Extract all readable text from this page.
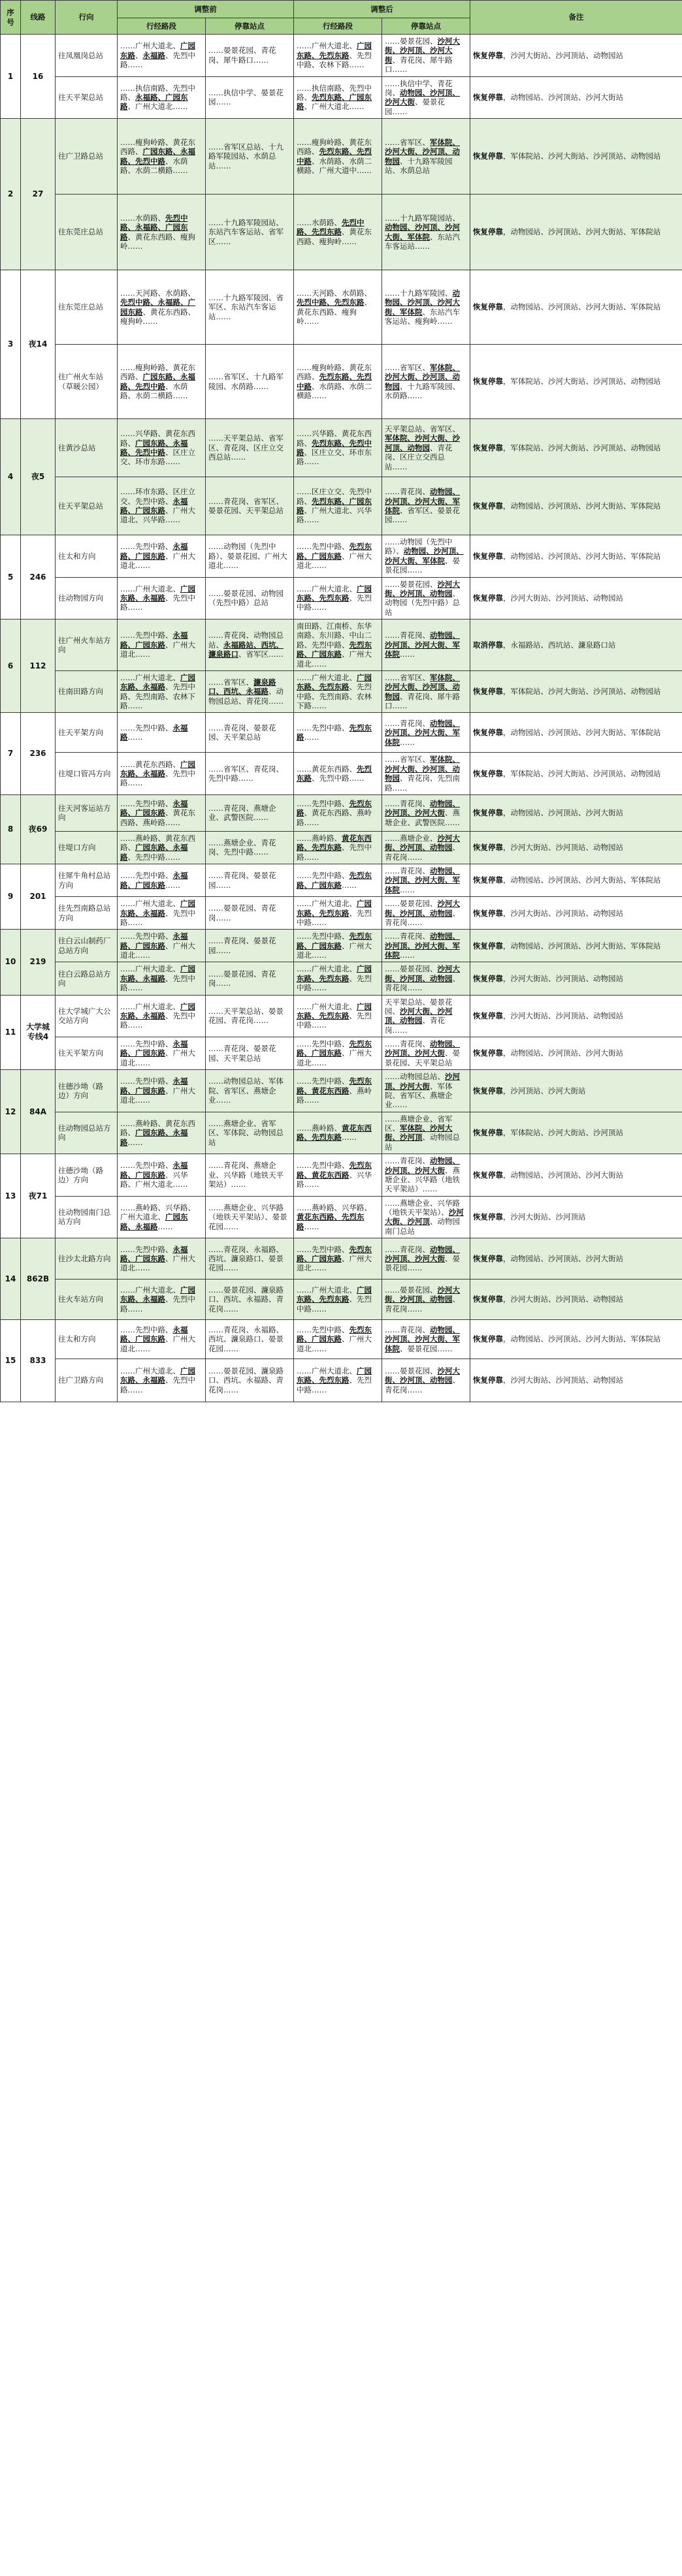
序号	线路	行向	调整前		调整后		备注
			行经路段	停靠站点	行经路段	停靠站点	
1	16	往凤凰岗总站	……广州大道北、广园东路、永福路、先烈中路……	……晏景花园、青花岗、犀牛路口……	……广州大道北、广园东路、先烈东路、先烈中路、农林下路……	……晏景花园、沙河大街、沙河顶、沙河大街、青花岗、犀牛路口……	恢复停靠，沙河大街站、沙河顶站、动物园站
		往天平架总站	……执信南路、先烈中路、永福路、广园东路、广州大道北……	……执信中学、晏景花园……	……执信南路、先烈中路、先烈东路、广园东路、广州大道北……	……执信中学、青花岗、动物园、沙河顶、沙河大街、晏景花园……	恢复停靠，动物园站、沙河顶站、沙河大街站
2	27	往广卫路总站	……瘦狗岭路、黄花东西路、广园东路、永福路、先烈中路、水荫路、水荫二横路……	……省军区总站、十九路军陵园站、水荫总站……	……瘦狗岭路、黄花东西路、先烈东路、先烈中路、水荫路、水荫二横路、广州大道中……	……省军区、军体院、沙河大街、沙河顶、动物园、十九路军陵园站、水荫总站	恢复停靠，军体院站、沙河大街站、沙河顶站、动物园站
		往东莞庄总站	……水荫路、先烈中路、永福路、广园东路、黄花东西路、瘦狗岭……	……十九路军陵园站、东站汽车客运站、省军区……	……水荫路、先烈中路、先烈东路、黄花东西路、瘦狗岭……	……十九路军陵园站、动物园、沙河顶、沙河大街、军体院、东站汽车客运站……	恢复停靠，动物园站、沙河顶站、沙河大街站、军体院站
3	夜14	往东莞庄总站	……天河路、水荫路、先烈中路、永福路、广园东路、黄花东西路、瘦狗岭……	……十九路军陵园、省军区、东站汽车客运站……	……天河路、水荫路、先烈中路、先烈东路、黄花东西路、瘦狗岭……	……十九路军陵园、动物园、沙河顶、沙河大街、军体院、东站汽车客运站、瘦狗岭……	恢复停靠，动物园站、沙河顶站、沙河大街站、军体院站
		往广州火车站（草暖公园）	……瘦狗岭路、黄花东西路、广园东路、永福路、先烈中路、水荫路、水荫二横路……	……省军区、十九路军陵园、水荫路……	……瘦狗岭路、黄花东西路、先烈东路、先烈中路、水荫路、水荫二横路……	……省军区、军体院、沙河大街、沙河顶、动物园、十九路军陵园、水荫路……	恢复停靠，军体院站、沙河大街站、沙河顶站、动物园站
4	夜5	往黄沙总站	……兴华路、黄花东西路、广园东路、永福路、先烈中路、区庄立交、环市东路……	……天平架总站、省军区、青花岗、区庄立交西总站……	……兴华路、黄花东西路、先烈东路、先烈中路、区庄立交、环市东路……	天平架总站、省军区、军体院、沙河大街、沙河顶、动物园、青花岗、区庄立交西总站……	恢复停靠，军体院站、沙河大街站、沙河顶站、动物园站
		往天平架总站	……环市东路、区庄立交、先烈中路、永福路、广园东路、广州大道北、兴华路……	……青花岗、省军区、晏景花园、天平架总站	……区庄立交、先烈中路、先烈东路、广园东路、广州大道北、兴华路……	……青花岗、动物园、沙河顶、沙河大街、军体院、省军区、晏景花园……	恢复停靠，动物园站、沙河顶站、沙河大街站、军体院站
5	246	往太和方向	……先烈中路、永福路、广园东路、广州大道北……	……动物园（先烈中路）、晏景花园、广州大道北……	……先烈中路、先烈东路、广园东路、广州大道北……	……动物园（先烈中路）、动物园、沙河顶、沙河大街、军体院、晏景花园……	恢复停靠，动物园站、沙河顶站、沙河大街站、军体院站
		往动物园方向	……广州大道北、广园东路、永福路、先烈中路……	……晏景花园、动物园（先烈中路）总站	……广州大道北、广园东路、先烈东路、先烈中路……	……晏景花园、沙河大街、沙河顶、动物园、动物园（先烈中路）总站	恢复停靠，沙河大街站、沙河顶站、动物园站
6	112	往广州火车站方向	……先烈中路、永福路、广园东路、广州大道北……	……青花岗、动物园总站、永福路站、西坑、濂泉路口、省军区……	南田路、江南桥、东华南路、东川路、中山二路、先烈中路、先烈东路、广园东路、广州大道北……	……青花岗、动物园、沙河顶、沙河大街、军体院……	取消停靠，永福路站、西坑站、濂泉路口站
		往南田路方向	……广州大道北、广园东路、永福路、先烈中路、先烈南路、农林下路……	……省军区、濂泉路口、西坑、永福路、动物园总站、青花岗……	……广州大道北、广园东路、先烈东路、先烈中路、先烈南路、农林下路……	……省军区、军体院、沙河大街、沙河顶、动物园、青花岗、犀牛路口……	恢复停靠，军体院站、沙河大街站、沙河顶站、动物园站
7	236	往天平架方向	……先烈中路、永福路……	……青花岗、晏景花园、天平架总站	……先烈中路、先烈东路……	……青花岗、动物园、沙河顶、沙河大街、军体院……	恢复停靠，动物园站、沙河顶站、沙河大街站、军体院站
		往堤口管冯方向	……黄花东西路、广园东路、永福路、先烈中路……	……省军区、青花岗、先烈中路……	……黄花东西路、先烈东路、先烈中路……	……省军区、军体院、沙河大街、沙河顶、动物园、青花岗、先烈南路……	恢复停靠，军体院站、沙河大街站、沙河顶站、动物园站
8	夜69	往天河客运站方向	……先烈中路、永福路、广园东路、黄花东西路、燕岭路……	……青花岗、燕塘企业、武警医院……	……先烈中路、先烈东路、黄花东西路、燕岭路……	……青花岗、动物园、沙河顶、沙河大街、燕塘企业、武警医院……	恢复停靠，动物园站、沙河顶站、沙河大街站
		往堤口方向	……燕岭路、黄花东西路、广园东路、永福路、先烈中路……	……燕塘企业、青花岗、先烈中路……	……燕岭路、黄花东西路、先烈东路、先烈中路……	……燕塘企业、沙河大街、沙河顶、动物园、青花岗……	恢复停靠，沙河大街站、沙河顶站、动物园站
9	201	往犀牛角村总站方向	……先烈中路、永福路、广园东路……	……青花岗、晏景花园……	……先烈中路、先烈东路、广园东路……	……青花岗、动物园、沙河顶、沙河大街、军体院……	恢复停靠，动物园站、沙河顶站、沙河大街站、军体院站
		往先烈南路总站方向	……广州大道北、广园东路、永福路、先烈中路……	……晏景花园、青花岗……	……广州大道北、广园东路、先烈东路、先烈中路……	……晏景花园、沙河大街、沙河顶、动物园、青花岗……	恢复停靠，沙河大街站、沙河顶站、动物园站
10	219	往白云山制药厂总站方向	……先烈中路、永福路、广园东路、广州大道北……	……青花岗、晏景花园……	……先烈中路、先烈东路、广园东路、广州大道北……	……青花岗、动物园、沙河顶、沙河大街、军体院……	恢复停靠，动物园站、沙河顶站、沙河大街站、军体院站
		往白云路总站方向	……广州大道北、广园东路、永福路、先烈中路……	……晏景花园、青花岗……	……广州大道北、广园东路、先烈东路、先烈中路……	……晏景花园、沙河大街、沙河顶、动物园、青花岗……	恢复停靠，沙河大街站、沙河顶站、动物园站
11	大学城专线4	往大学城广大公交站方向	……广州大道北、广园东路、永福路、先烈中路……	……天平架总站、晏景花园、青花岗……	……广州大道北、广园东路、先烈东路、先烈中路……	天平架总站、晏景花园、沙河大街、沙河顶、动物园、青花岗……	恢复停靠，沙河大街站、沙河顶站、动物园站
		往天平架方向	……先烈中路、永福路、广园东路、广州大道北……	……青花岗、晏景花园、天平架总站	……先烈中路、先烈东路、广园东路、广州大道北……	……青花岗、动物园、沙河顶、沙河大街、晏景花园、天平架总站	恢复停靠，动物园站、沙河顶站、沙河大街站
12	84A	往德沙坳（路边）方向	……先烈中路、永福路、广园东路、广州大道北……	……动物园总站、军体院、省军区、燕塘企业……	……先烈中路、先烈东路、黄花东西路、燕岭路……	……动物园总站、沙河顶、沙河大街、军体院、省军区、燕塘企业……	恢复停靠，沙河顶站、沙河大街站
		往动物园总站方向	……燕岭路、黄花东西路、广园东路、永福路……	……燕塘企业、省军区、军体院、动物园总站	……燕岭路、黄花东西路、先烈东路……	……燕塘企业、省军区、军体院、沙河大街、沙河顶、动物园总站	恢复停靠，军体院站、沙河大街站、沙河顶站
13	夜71	往德沙坳（路边）方向	……先烈中路、永福路、广园东路、兴华路、广州大道北……	……青花岗、燕塘企业、兴华路（地铁天平架站）……	……先烈中路、先烈东路、黄花东西路、兴华路……	……青花岗、动物园、沙河顶、沙河大街、燕塘企业、兴华路（地铁天平架站）……	恢复停靠，动物园站、沙河顶站、沙河大街站
		往动物园南门总站方向	……燕岭路、兴华路、广州大道北、广园东路、永福路……	……燕塘企业、兴华路（地铁天平架站）、晏景花园……	……燕岭路、兴华路、黄花东西路、先烈东路……	……燕塘企业、兴华路（地铁天平架站）、沙河大街、沙河顶、动物园南门总站	恢复停靠，沙河大街站、沙河顶站
14	862B	往沙太北路方向	……先烈中路、永福路、广园东路、广州大道北……	……青花岗、永福路、西坑、濂泉路口、晏景花园……	……先烈中路、先烈东路、广园东路、广州大道北……	……青花岗、动物园、沙河顶、沙河大街、晏景花园……	恢复停靠，动物园站、沙河顶站、沙河大街站
		往火车站方向	……广州大道北、广园东路、永福路、先烈中路……	……晏景花园、濂泉路口、西坑、永福路、青花岗……	……广州大道北、广园东路、先烈东路、先烈中路……	……晏景花园、沙河大街、沙河顶、动物园、青花岗……	恢复停靠，沙河大街站、沙河顶站、动物园站
15	833	往太和方向	……先烈中路、永福路、广园东路、广州大道北……	……青花岗、永福路、西坑、濂泉路口、晏景花园……	……先烈中路、先烈东路、广园东路、广州大道北……	……青花岗、动物园、沙河顶、沙河大街、军体院、晏景花园……	恢复停靠，动物园站、沙河顶站、沙河大街站、军体院站
		往广卫路方向	……广州大道北、广园东路、永福路、先烈中路……	……晏景花园、濂泉路口、西坑、永福路、青花岗……	……广州大道北、广园东路、先烈东路、先烈中路……	……晏景花园、沙河大街、沙河顶、动物园、青花岗……	恢复停靠，沙河大街站、沙河顶站、动物园站
